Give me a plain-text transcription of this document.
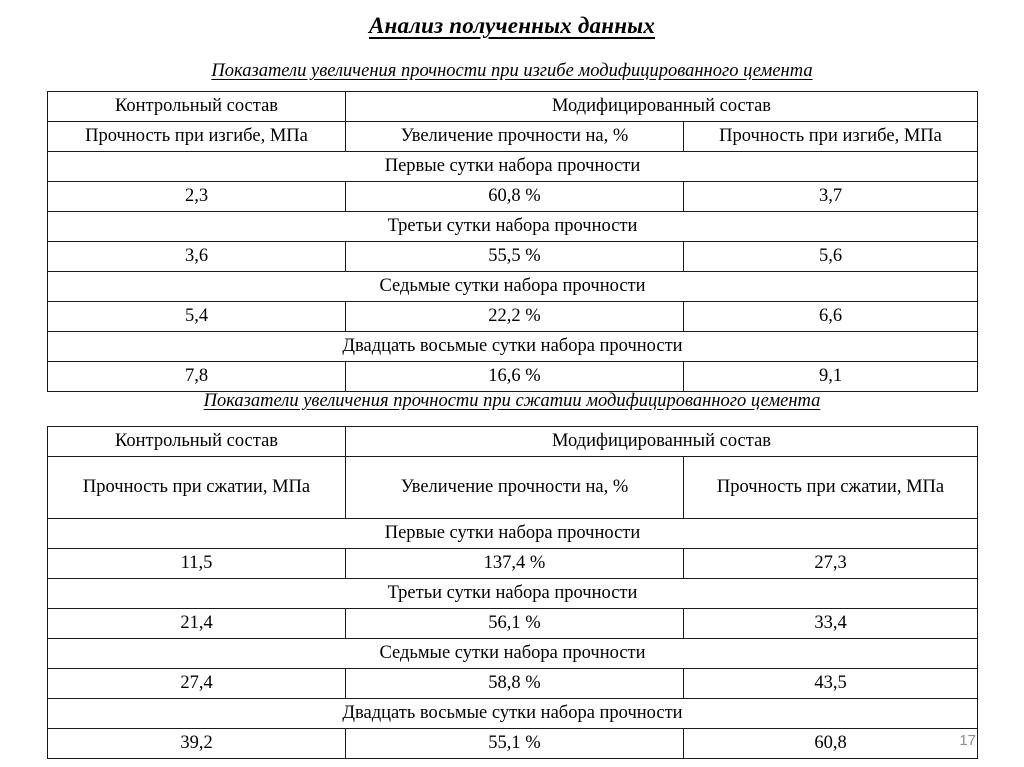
Анализ полученных данных
Показатели увеличения прочности при изгибе модифицированного цемента
Контрольный состав	Модифицированный состав	
Прочность при изгибе, МПа	Увеличение прочности на, %	Прочность при изгибе, МПа
Первые сутки набора прочности		
2,3	60,8 %	3,7
Третьи сутки набора прочности		
3,6	55,5 %	5,6
Седьмые сутки набора прочности		
5,4	22,2 %	6,6
Двадцать восьмые сутки набора прочности		
7,8	16,6 %	9,1
Показатели увеличения прочности при сжатии модифицированного цемента
Контрольный состав	Модифицированный состав	
Прочность при сжатии, МПа	Увеличение прочности на, %	Прочность при сжатии, МПа
Первые сутки набора прочности		
11,5	137,4 %	27,3
Третьи сутки набора прочности		
21,4	56,1 %	33,4
Седьмые сутки набора прочности		
27,4	58,8 %	43,5
Двадцать восьмые сутки набора прочности		
39,2	55,1 %	60,8	17
